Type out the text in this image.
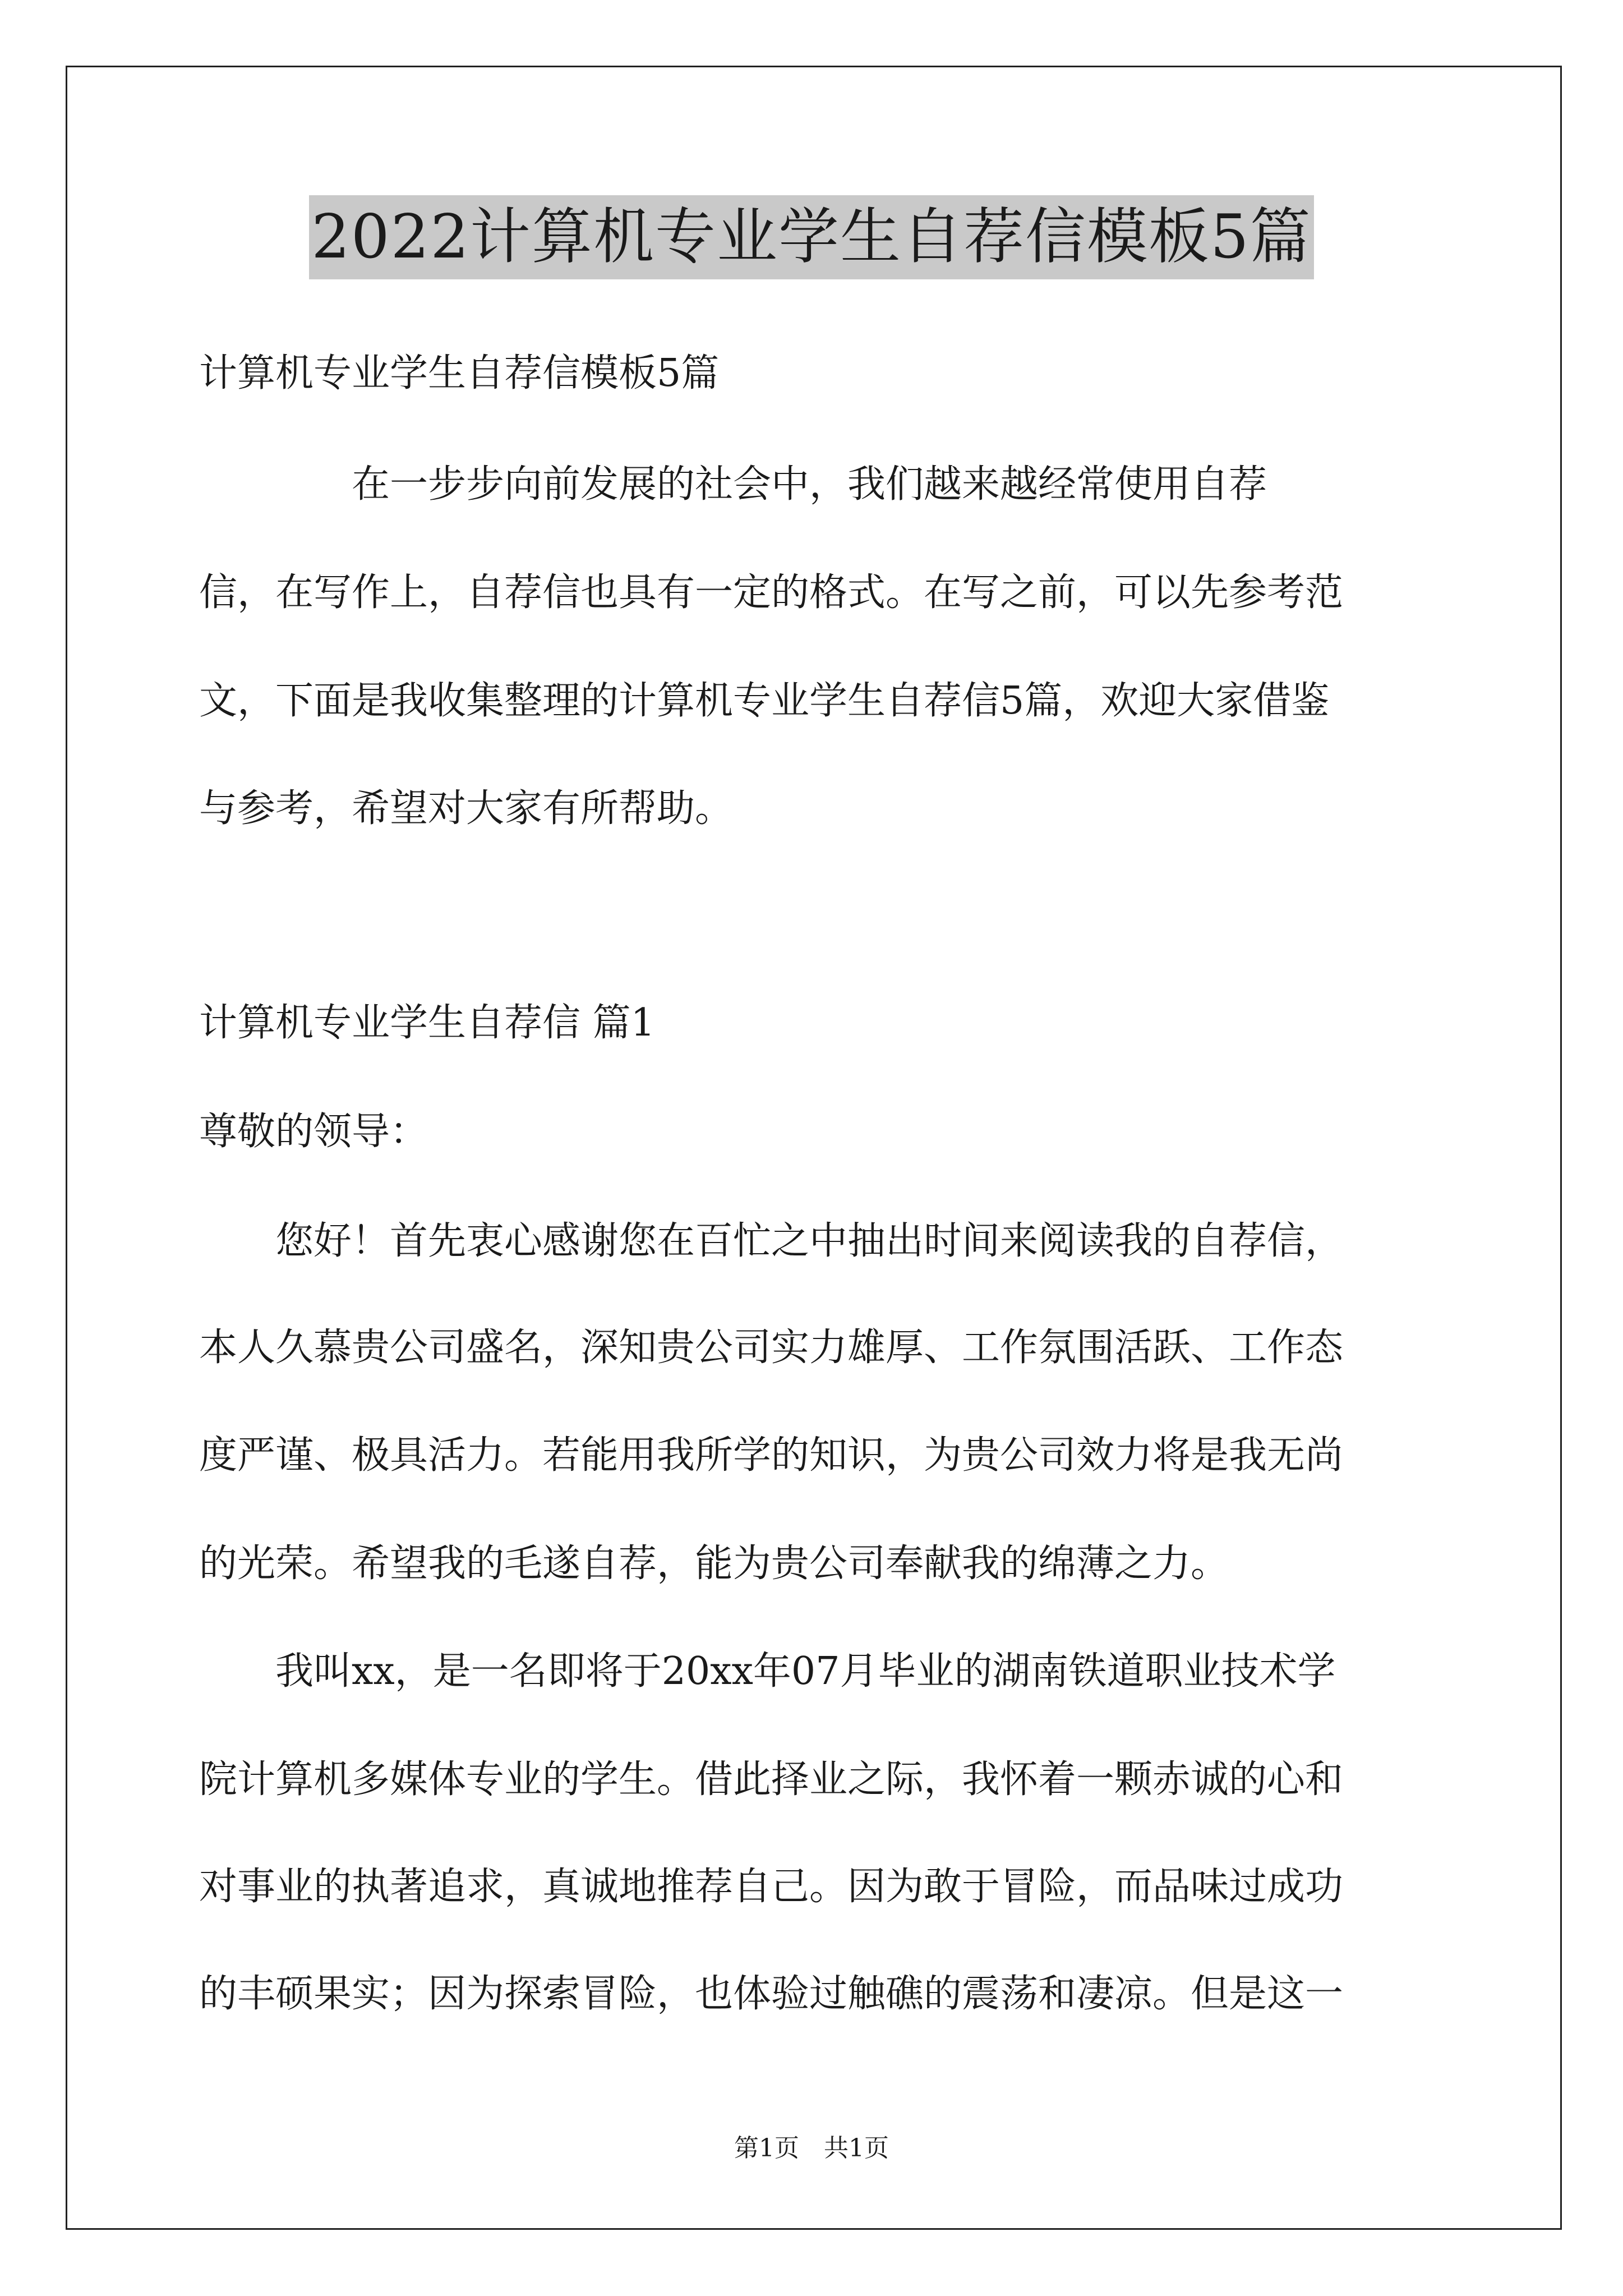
2022计算机专业学生自荐信模板5篇
计算机专业学生自荐信模板5篇
　　　　在一步步向前发展的社会中，我们越来越经常使用自荐
信，在写作上，自荐信也具有一定的格式。在写之前，可以先参考范
文，下面是我收集整理的计算机专业学生自荐信5篇，欢迎大家借鉴
与参考，希望对大家有所帮助。
计算机专业学生自荐信 篇1
尊敬的领导：
　　您好！首先衷心感谢您在百忙之中抽出时间来阅读我的自荐信，
本人久慕贵公司盛名，深知贵公司实力雄厚、工作氛围活跃、工作态
度严谨、极具活力。若能用我所学的知识，为贵公司效力将是我无尚
的光荣。希望我的毛遂自荐，能为贵公司奉献我的绵薄之力。
　　我叫xx，是一名即将于20xx年07月毕业的湖南铁道职业技术学
院计算机多媒体专业的学生。借此择业之际，我怀着一颗赤诚的心和
对事业的执著追求，真诚地推荐自己。因为敢于冒险，而品味过成功
的丰硕果实；因为探索冒险，也体验过触礁的震荡和凄凉。但是这一
第1页　共1页
